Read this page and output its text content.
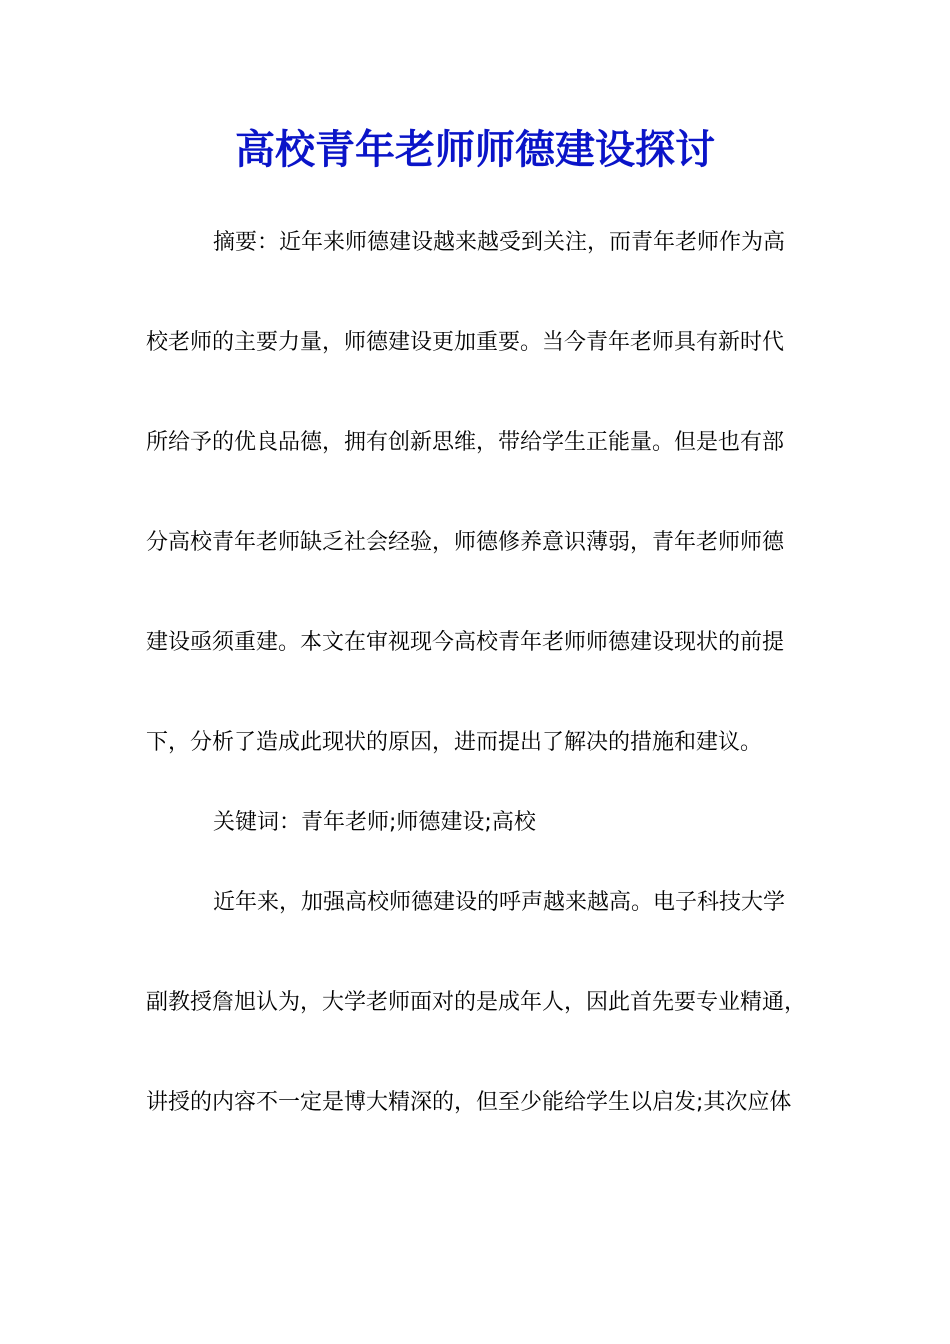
高校青年老师师德建设探讨
摘要：近年来师德建设越来越受到关注，而青年老师作为高
校老师的主要力量，师德建设更加重要。当今青年老师具有新时代
所给予的优良品德，拥有创新思维，带给学生正能量。但是也有部
分高校青年老师缺乏社会经验，师德修养意识薄弱，青年老师师德
建设亟须重建。本文在审视现今高校青年老师师德建设现状的前提
下，分析了造成此现状的原因，进而提出了解决的措施和建议。
关键词：青年老师;师德建设;高校
近年来，加强高校师德建设的呼声越来越高。电子科技大学
副教授詹旭认为，大学老师面对的是成年人，因此首先要专业精通，
讲授的内容不一定是博大精深的，但至少能给学生以启发;其次应体
